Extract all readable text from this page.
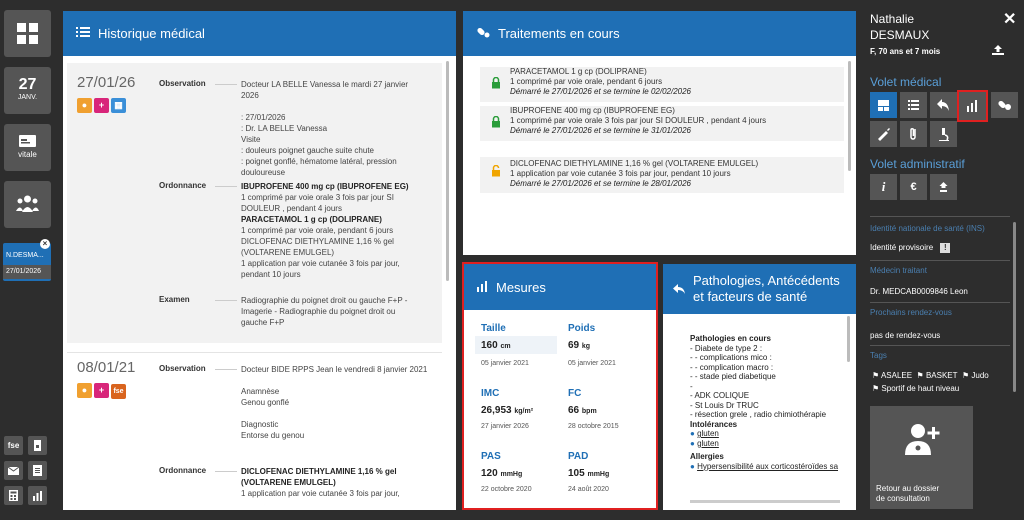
27
JANV.
vitale
N.DESMA...
27/01/2026
×
fse
Historique médical
27/01/26
● + ▦
Observation	Docteur LA BELLE Vanessa le mardi 27 janvier 2026
: 27/01/2026
: Dr. LA BELLE Vanessa
Visite
: douleurs poignet gauche suite chute
: poignet gonflé, hématome latéral, pression
douloureuse
Ordonnance	IBUPROFENE 400 mg cp (IBUPROFENE EG)
1 comprimé par voie orale 3 fois par jour SI
DOULEUR , pendant 4 jours
PARACETAMOL 1 g cp (DOLIPRANE)
1 comprimé par voie orale, pendant 6 jours
DICLOFENAC DIETHYLAMINE 1,16 % gel
(VOLTARENE EMULGEL)
1 application par voie cutanée 3 fois par jour,
pendant 10 jours
Examen	Radiographie du poignet droit ou gauche F+P -
Imagerie - Radiographie du poignet droit ou
gauche F+P
08/01/21
● + fse
Observation	Docteur BIDE RPPS Jean le vendredi 8 janvier 2021
Anamnèse
Genou gonflé
Diagnostic
Entorse du genou
Ordonnance	DICLOFENAC DIETHYLAMINE 1,16 % gel
(VOLTARENE EMULGEL)
1 application par voie cutanée 3 fois par jour,
Traitements en cours
PARACETAMOL 1 g cp (DOLIPRANE)
1 comprimé par voie orale, pendant 6 jours
Démarré le 27/01/2026 et se termine le 02/02/2026
IBUPROFENE 400 mg cp (IBUPROFENE EG)
1 comprimé par voie orale 3 fois par jour SI DOULEUR , pendant 4 jours
Démarré le 27/01/2026 et se termine le 31/01/2026
DICLOFENAC DIETHYLAMINE 1,16 % gel (VOLTARENE EMULGEL)
1 application par voie cutanée 3 fois par jour, pendant 10 jours
Démarré le 27/01/2026 et se termine le 28/01/2026
Mesures
Taille
160 cm
05 janvier 2021
Poids
69 kg
05 janvier 2021
IMC
26,953 kg/m²
27 janvier 2026
FC
66 bpm
28 octobre 2015
PAS
120 mmHg
22 octobre 2020
PAD
105 mmHg
24 août 2020
Pathologies, Antécédents
et facteurs de santé
Pathologies en cours
- Diabete de type 2 :
- - complications mico :
- - complication macro :
- - stade pied diabetique
-
- ADK COLIQUE
- St Louis Dr TRUC
- résection grele , radio chimiothérapie
Intolérances
● gluten
● gluten
Allergies
● Hypersensibilité aux corticostéroïdes sa
Nathalie
DESMAUX
F, 70 ans et 7 mois
✕
Volet médical
Volet administratif
i	€
Identité nationale de santé (INS)
Identité provisoire !
Médecin traitant
Dr. MEDCAB0009846 Leon
Prochains rendez-vous
pas de rendez-vous
Tags
⚑ ASALEE ⚑ BASKET ⚑ Judo
⚑ Sportif de haut niveau
Retour au dossier
de consultation
